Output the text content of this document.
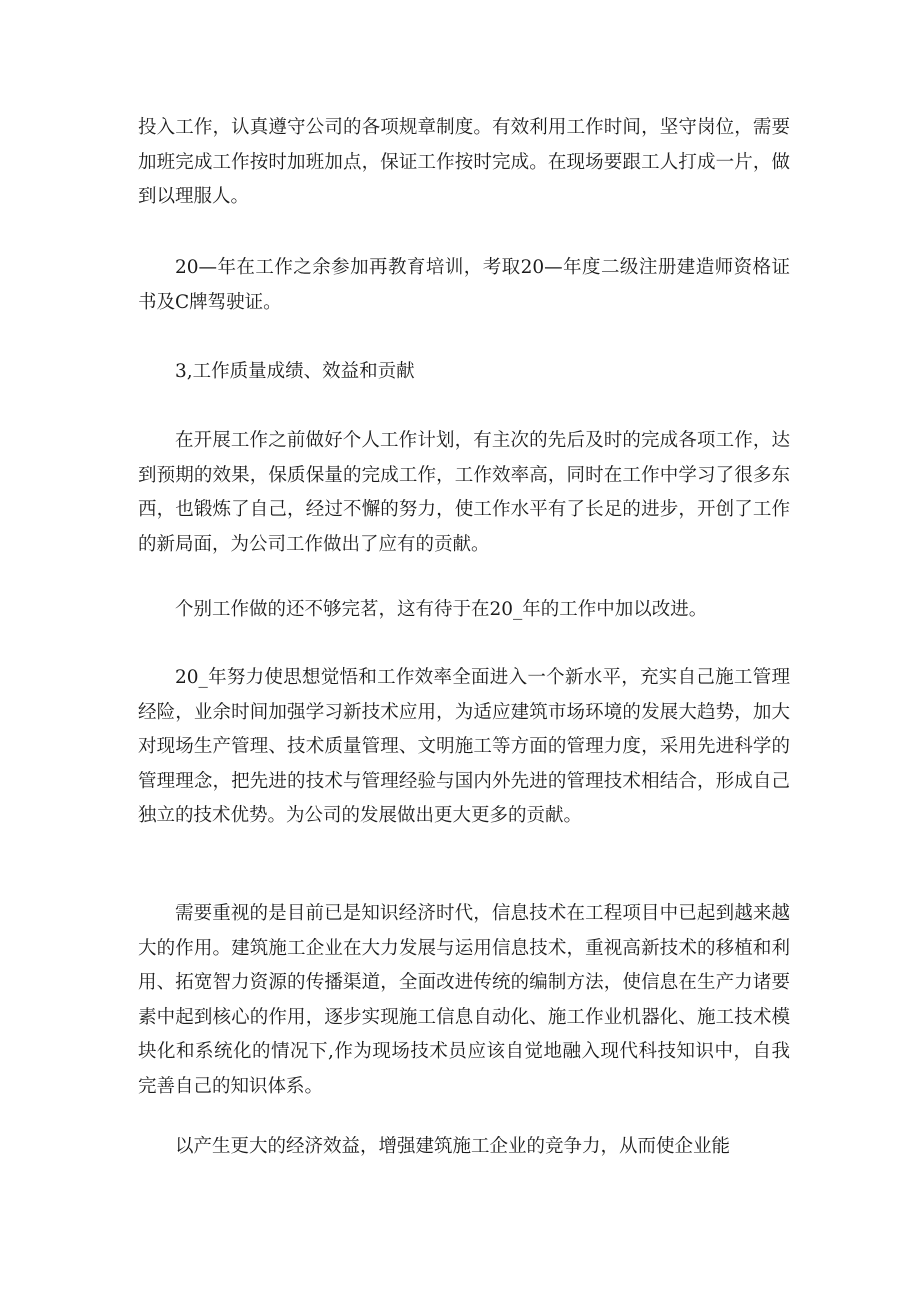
投入工作，认真遵守公司的各项规章制度。有效利用工作时间，坚守岗位，需要加班完成工作按时加班加点，保证工作按时完成。在现场要跟工人打成一片，做到以理服人。

20—年在工作之余参加再教育培训，考取20—年度二级注册建造师资格证书及C牌驾驶证。

3,工作质量成绩、效益和贡献

在开展工作之前做好个人工作计划，有主次的先后及时的完成各项工作，达到预期的效果，保质保量的完成工作，工作效率高，同时在工作中学习了很多东西，也锻炼了自己，经过不懈的努力，使工作水平有了长足的进步，开创了工作的新局面，为公司工作做出了应有的贡献。

个别工作做的还不够完茗，这有待于在20_年的工作中加以改进。

20_年努力使思想觉悟和工作效率全面进入一个新水平，充实自己施工管理经险，业余时间加强学习新技术应用，为适应建筑市场环境的发展大趋势，加大对现场生产管理、技术质量管理、文明施工等方面的管理力度，采用先进科学的管理理念，把先进的技术与管理经验与国内外先进的管理技术相结合，形成自己独立的技术优势。为公司的发展做出更大更多的贡献。

需要重视的是目前已是知识经济时代，信息技术在工程项目中已起到越来越大的作用。建筑施工企业在大力发展与运用信息技术，重视高新技术的移植和利用、拓宽智力资源的传播渠道，全面改进传统的编制方法，使信息在生产力诸要素中起到核心的作用，逐步实现施工信息自动化、施工作业机器化、施工技术模块化和系统化的情况下,作为现场技术员应该自觉地融入现代科技知识中，自我完善自己的知识体系。

以产生更大的经济效益，增强建筑施工企业的竞争力，从而使企业能
